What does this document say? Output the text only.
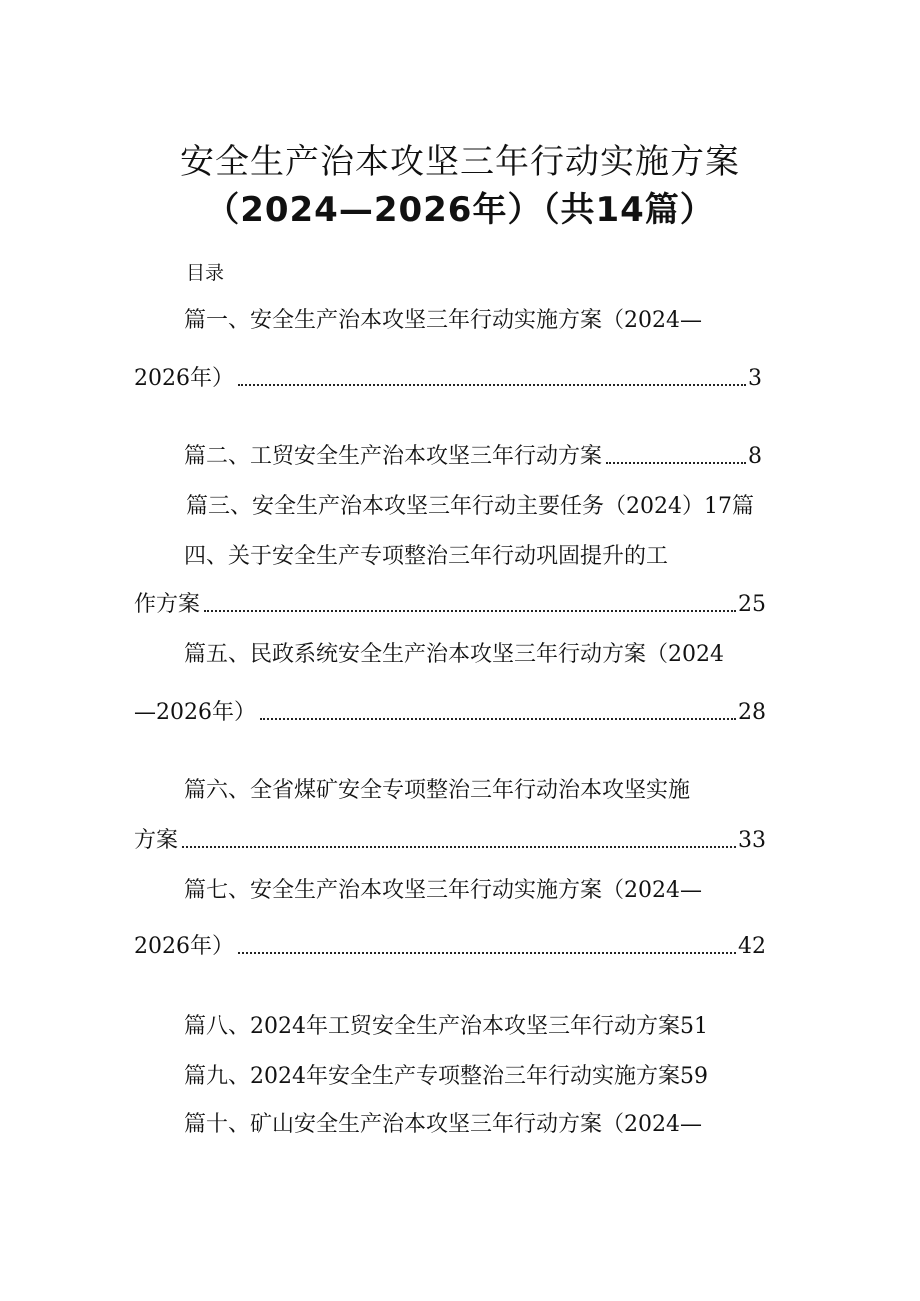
安全生产治本攻坚三年行动实施方案
（2024—2026年）（共14篇）
目录
篇一、安全生产治本攻坚三年行动实施方案（2024—
2026年）	3
篇二、工贸安全生产治本攻坚三年行动方案	8
篇三、安全生产治本攻坚三年行动主要任务（2024）17篇
四、关于安全生产专项整治三年行动巩固提升的工
作方案	25
篇五、民政系统安全生产治本攻坚三年行动方案（2024
—2026年）	28
篇六、全省煤矿安全专项整治三年行动治本攻坚实施
方案	33
篇七、安全生产治本攻坚三年行动实施方案（2024—
2026年）	42
篇八、2024年工贸安全生产治本攻坚三年行动方案51
篇九、2024年安全生产专项整治三年行动实施方案59
篇十、矿山安全生产治本攻坚三年行动方案（2024—
